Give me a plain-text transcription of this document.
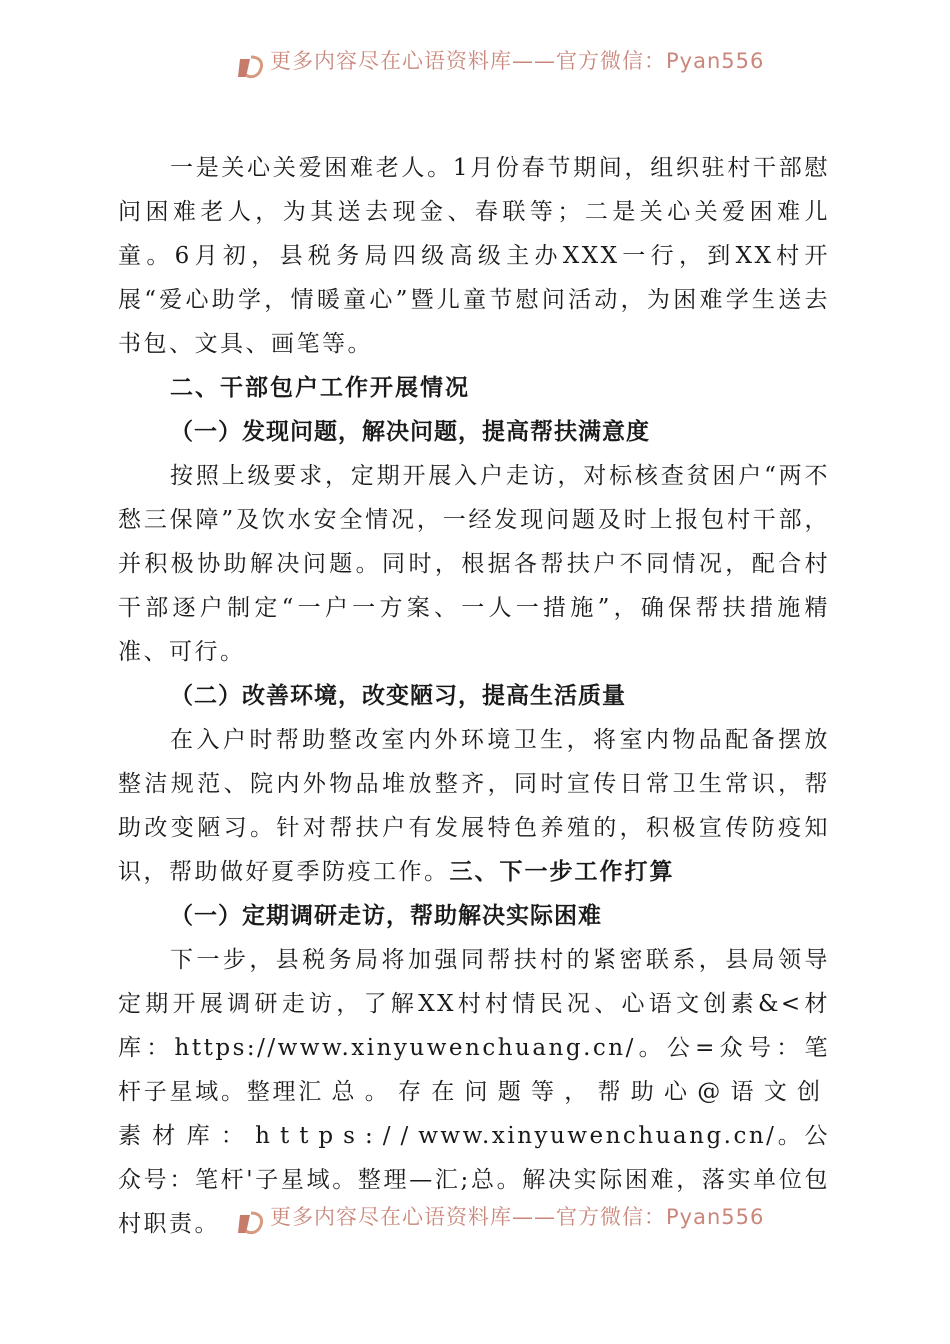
更多内容尽在心语资料库——官方微信：Pyan556

一是关心关爱困难老人。1月份春节期间，组织驻村干部慰问困难老人，为其送去现金、春联等；二是关心关爱困难儿童。6月初，县税务局四级高级主办XXX一行，到XX村开展“爱心助学，情暖童心”暨儿童节慰问活动，为困难学生送去书包、文具、画笔等。

二、干部包户工作开展情况

（一）发现问题，解决问题，提高帮扶满意度

按照上级要求，定期开展入户走访，对标核查贫困户“两不愁三保障”及饮水安全情况，一经发现问题及时上报包村干部，并积极协助解决问题。同时，根据各帮扶户不同情况，配合村干部逐户制定“一户一方案、一人一措施”，确保帮扶措施精准、可行。

（二）改善环境，改变陋习，提高生活质量

在入户时帮助整改室内外环境卫生，将室内物品配备摆放整洁规范、院内外物品堆放整齐，同时宣传日常卫生常识，帮助改变陋习。针对帮扶户有发展特色养殖的，积极宣传防疫知识，帮助做好夏季防疫工作。三、下一步工作打算

（一）定期调研走访，帮助解决实际困难

下一步，县税务局将加强同帮扶村的紧密联系，县局领导定期开展调研走访，了解XX村村情民况、心语文创素&<材库：https://www.xinyuwenchuang.cn/。公=众号：笔杆子星域。整理汇总。存在问题等，帮助心@语文创素材库：https://www.xinyuwenchuang.cn/。公众号：笔杆'子星域。整理—汇;总。解决实际困难，落实单位包村职责。	更多内容尽在心语资料库——官方微信：Pyan556
